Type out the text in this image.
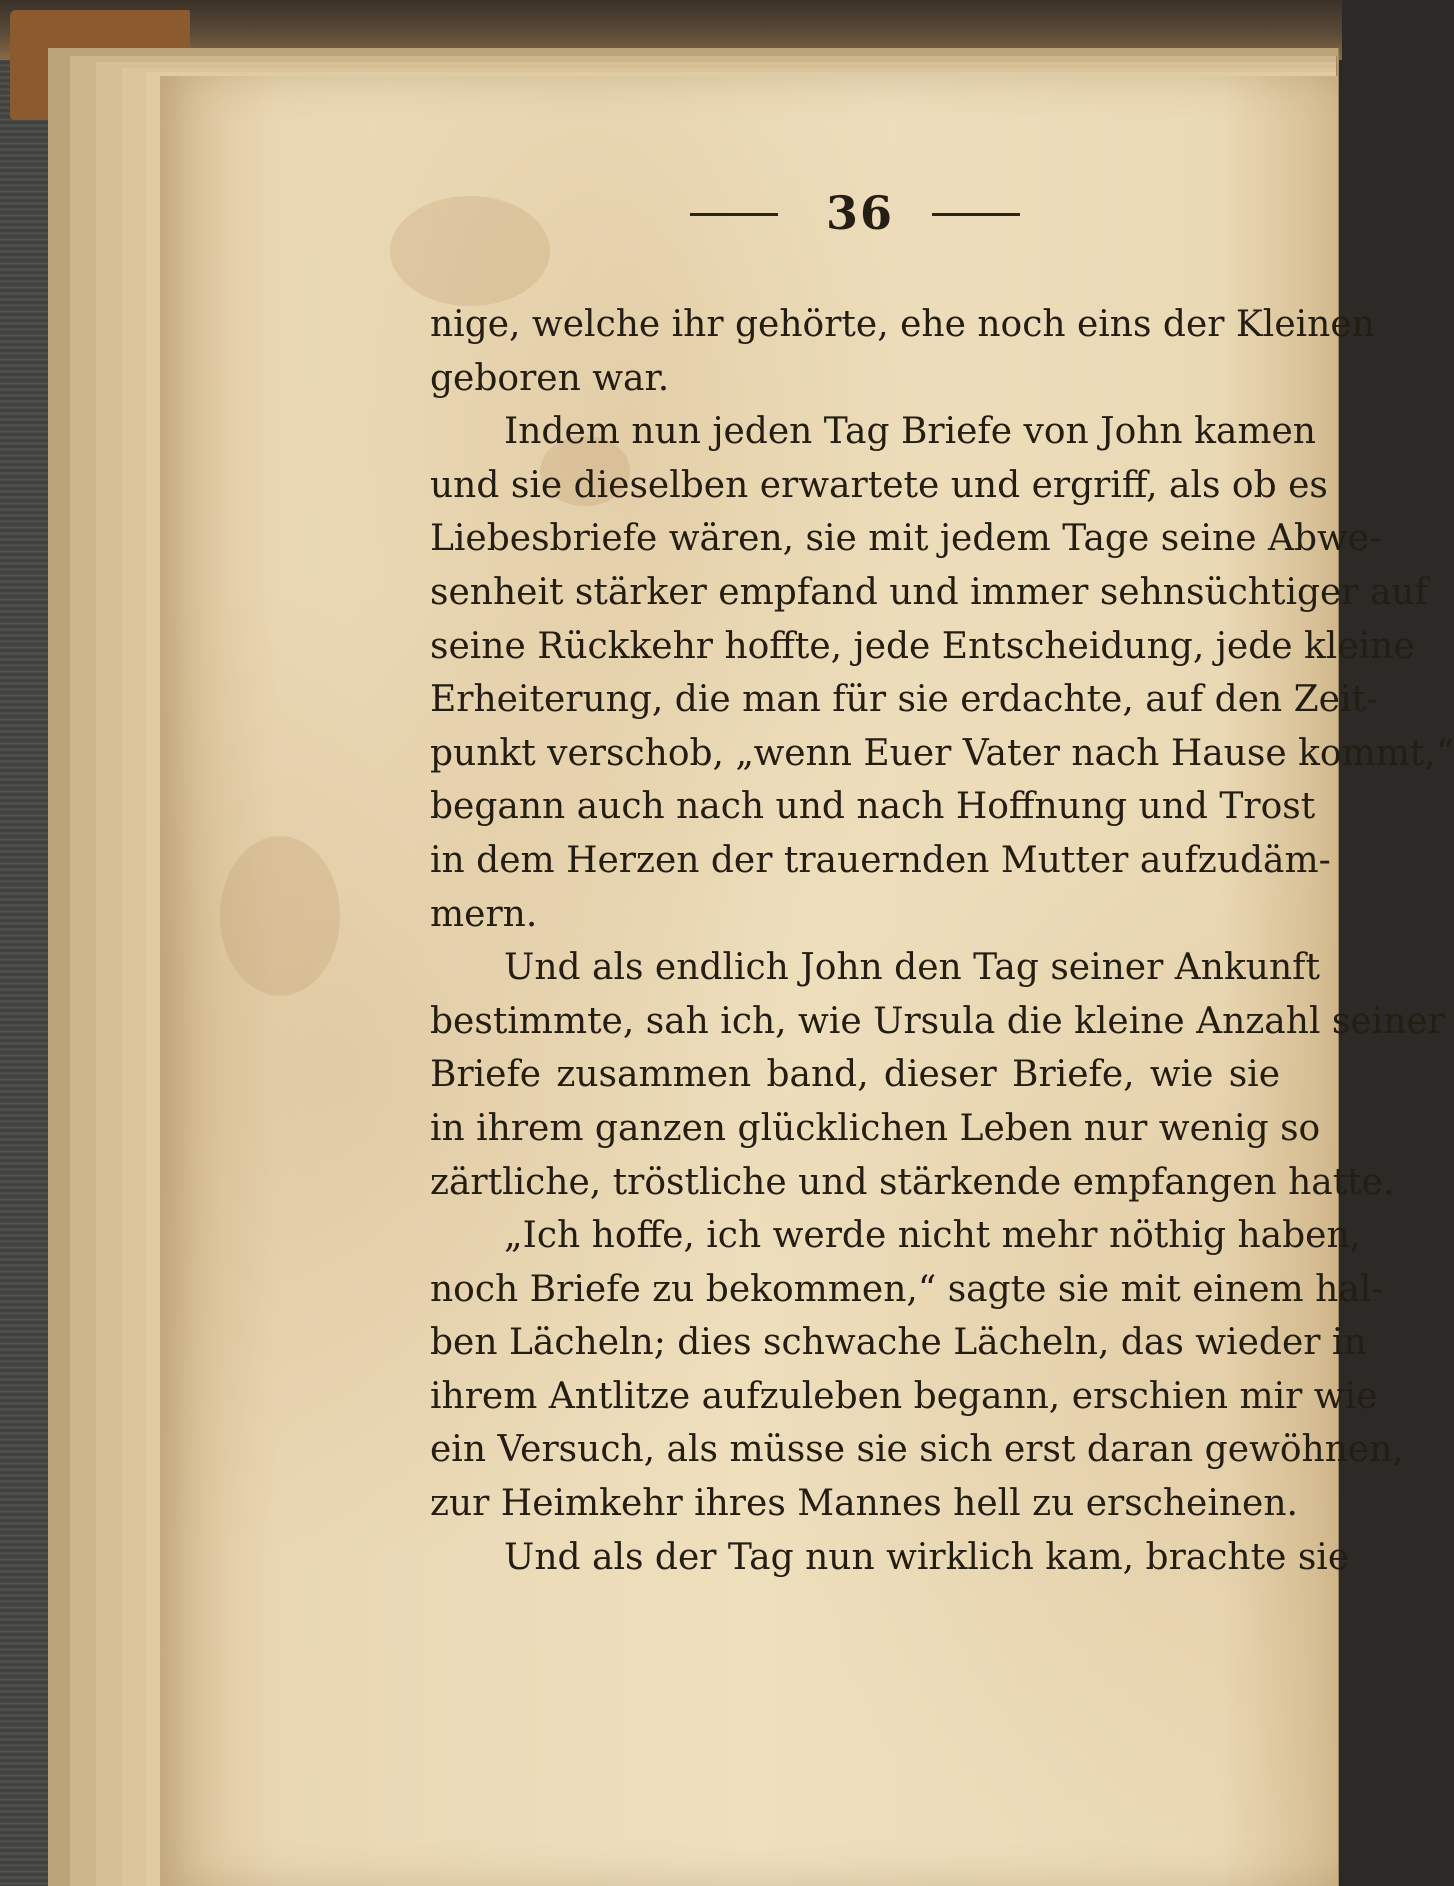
36
nige, welche ihr gehörte, ehe noch eins der Kleinen
geboren war.
Indem nun jeden Tag Briefe von John kamen
und sie dieselben erwartete und ergriff, als ob es
Liebesbriefe wären, sie mit jedem Tage seine Abwe-
senheit stärker empfand und immer sehnsüchtiger auf
seine Rückkehr hoffte, jede Entscheidung, jede kleine
Erheiterung, die man für sie erdachte, auf den Zeit-
punkt verschob, „wenn Euer Vater nach Hause kommt,“
begann auch nach und nach Hoffnung und Trost
in dem Herzen der trauernden Mutter aufzudäm-
mern.
Und als endlich John den Tag seiner Ankunft
bestimmte, sah ich, wie Ursula die kleine Anzahl seiner
Briefe zusammen band, dieser Briefe, wie sie
in ihrem ganzen glücklichen Leben nur wenig so
zärtliche, tröstliche und stärkende empfangen hatte.
„Ich hoffe, ich werde nicht mehr nöthig haben,
noch Briefe zu bekommen,“ sagte sie mit einem hal-
ben Lächeln; dies schwache Lächeln, das wieder in
ihrem Antlitze aufzuleben begann, erschien mir wie
ein Versuch, als müsse sie sich erst daran gewöhnen,
zur Heimkehr ihres Mannes hell zu erscheinen.
Und als der Tag nun wirklich kam, brachte sie
